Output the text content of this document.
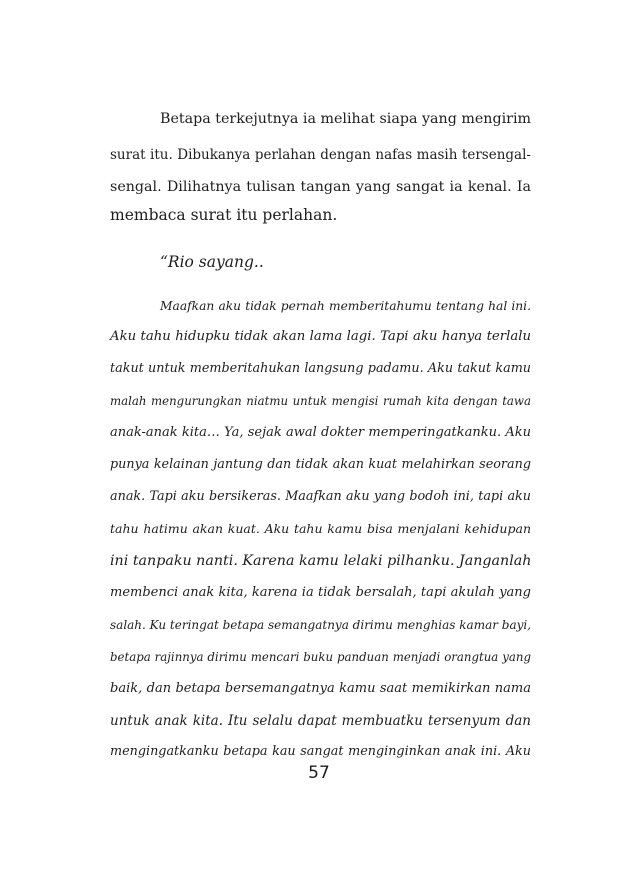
Betapa terkejutnya ia melihat siapa yang mengirim
surat itu. Dibukanya perlahan dengan nafas masih tersengal-
sengal. Dilihatnya tulisan tangan yang sangat ia kenal. Ia
membaca surat itu perlahan.
“Rio sayang..
Maafkan aku tidak pernah memberitahumu tentang hal ini.
Aku tahu hidupku tidak akan lama lagi. Tapi aku hanya terlalu
takut untuk memberitahukan langsung padamu. Aku takut kamu
malah mengurungkan niatmu untuk mengisi rumah kita dengan tawa
anak-anak kita… Ya, sejak awal dokter memperingatkanku. Aku
punya kelainan jantung dan tidak akan kuat melahirkan seorang
anak. Tapi aku bersikeras. Maafkan aku yang bodoh ini, tapi aku
tahu hatimu akan kuat. Aku tahu kamu bisa menjalani kehidupan
ini tanpaku nanti. Karena kamu lelaki pilhanku. Janganlah
membenci anak kita, karena ia tidak bersalah, tapi akulah yang
salah. Ku teringat betapa semangatnya dirimu menghias kamar bayi,
betapa rajinnya dirimu mencari buku panduan menjadi orangtua yang
baik, dan betapa bersemangatnya kamu saat memikirkan nama
untuk anak kita. Itu selalu dapat membuatku tersenyum dan
mengingatkanku betapa kau sangat menginginkan anak ini. Aku
57
